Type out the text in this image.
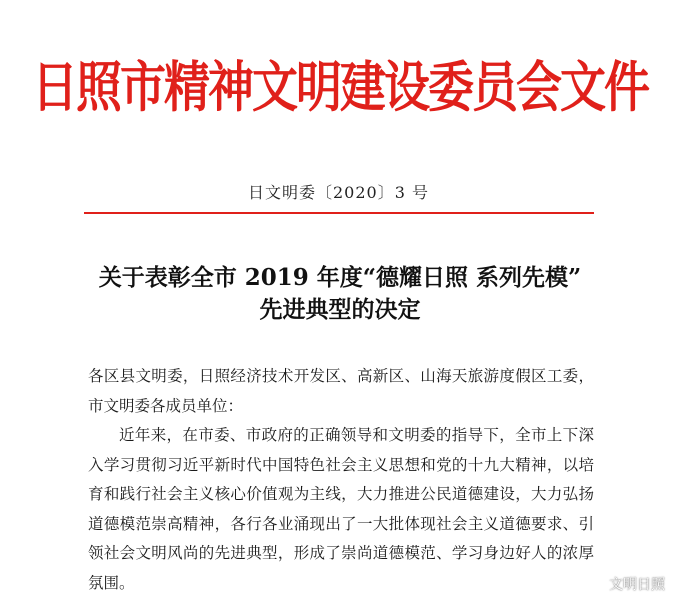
日照市精神文明建设委员会文件
日文明委〔2020〕3 号
关于表彰全市 2019 年度“德耀日照 系列先模”
先进典型的决定

各区县文明委，日照经济技术开发区、高新区、山海天旅游度假区工委，市文明委各成员单位：

近年来，在市委、市政府的正确领导和文明委的指导下，全市上下深入学习贯彻习近平新时代中国特色社会主义思想和党的十九大精神，以培育和践行社会主义核心价值观为主线，大力推进公民道德建设，大力弘扬道德模范崇高精神，各行各业涌现出了一大批体现社会主义道德要求、引领社会文明风尚的先进典型，形成了崇尚道德模范、学习身边好人的浓厚氛围。	文明日照
